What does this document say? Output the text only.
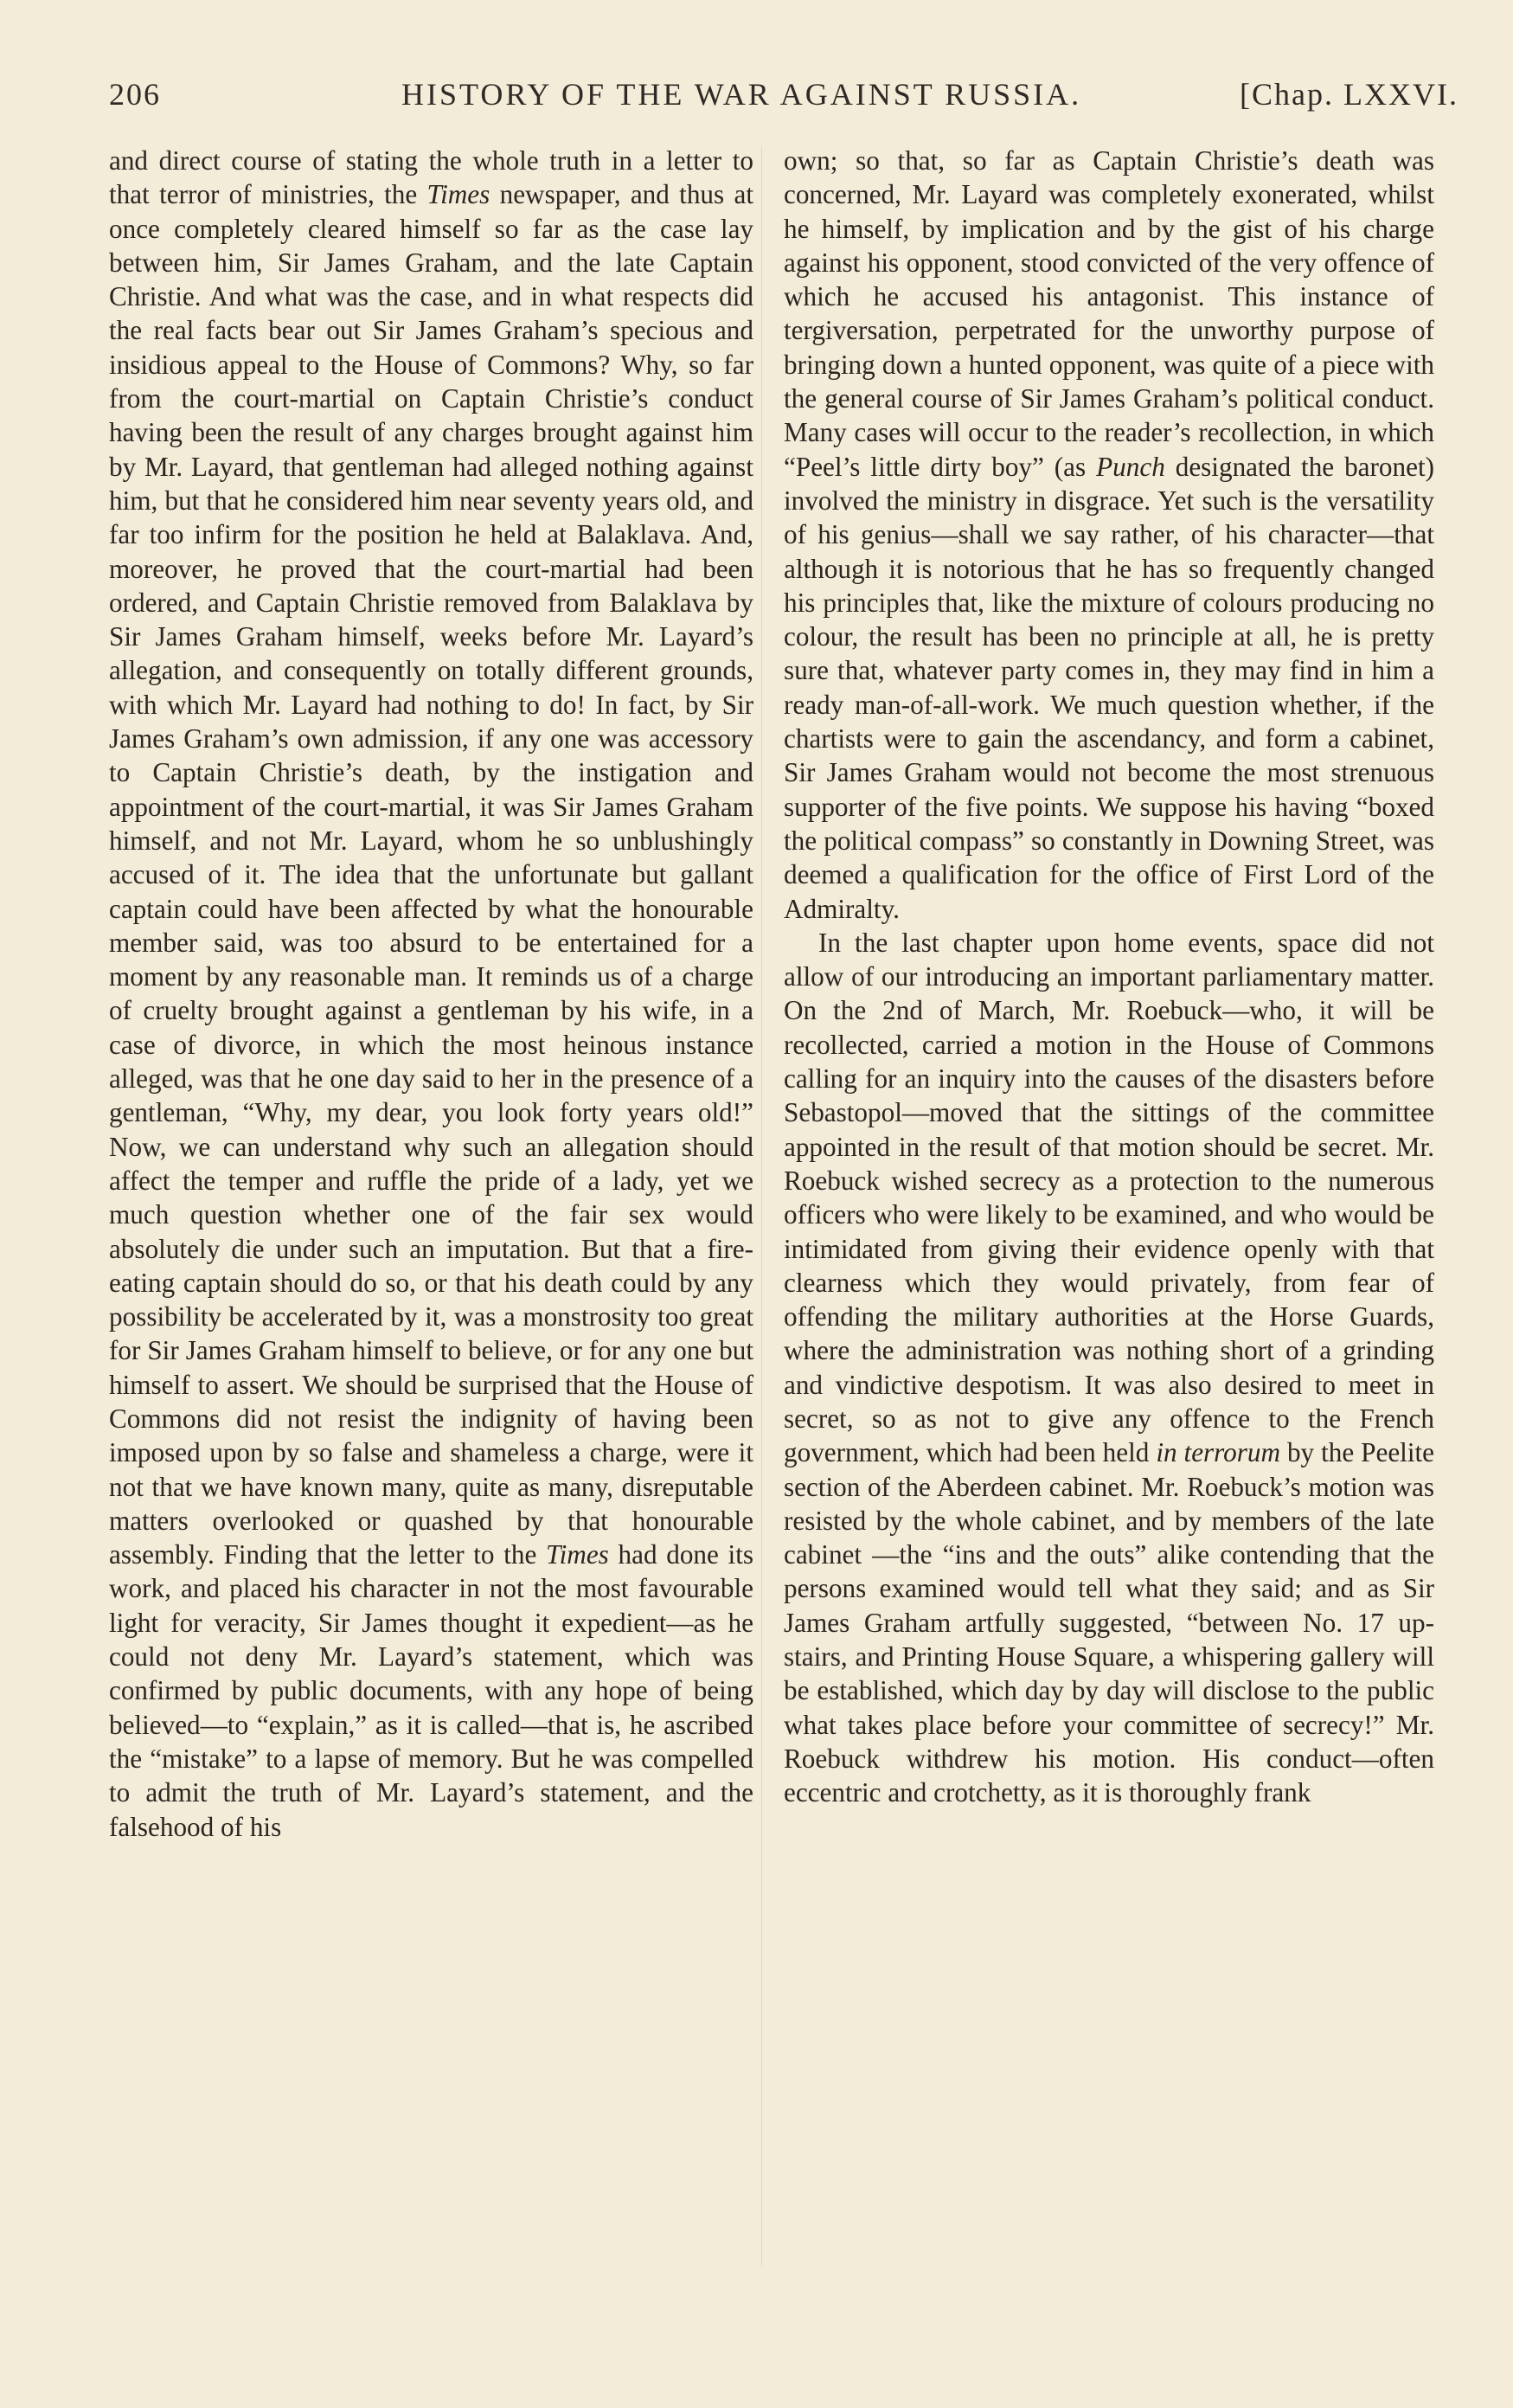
206	HISTORY OF THE WAR AGAINST RUSSIA.	[Chap. LXXVI.

and direct course of stating the whole truth in a letter to that terror of ministries, the Times newspaper, and thus at once completely cleared himself so far as the case lay between him, Sir James Graham, and the late Captain Christie. And what was the case, and in what respects did the real facts bear out Sir James Graham’s specious and insidious appeal to the House of Commons? Why, so far from the court-martial on Captain Christie’s conduct having been the result of any charges brought against him by Mr. Layard, that gentleman had alleged nothing against him, but that he considered him near seventy years old, and far too infirm for the position he held at Balaklava. And, moreover, he proved that the court-martial had been ordered, and Captain Christie removed from Balaklava by Sir James Graham himself, weeks before Mr. Layard’s allegation, and consequently on totally different grounds, with which Mr. Layard had nothing to do! In fact, by Sir James Graham’s own admission, if any one was accessory to Captain Christie’s death, by the instigation and appointment of the court-martial, it was Sir James Graham himself, and not Mr. Layard, whom he so unblushingly accused of it. The idea that the unfortunate but gallant captain could have been affected by what the honourable member said, was too absurd to be entertained for a moment by any reasonable man. It reminds us of a charge of cruelty brought against a gentleman by his wife, in a case of divorce, in which the most heinous instance alleged, was that he one day said to her in the presence of a gentleman, “Why, my dear, you look forty years old!” Now, we can understand why such an allegation should affect the temper and ruffle the pride of a lady, yet we much question whether one of the fair sex would absolutely die under such an imputation. But that a fire-eating captain should do so, or that his death could by any possibility be accelerated by it, was a monstrosity too great for Sir James Graham himself to believe, or for any one but himself to assert. We should be surprised that the House of Commons did not resist the indignity of having been imposed upon by so false and shameless a charge, were it not that we have known many, quite as many, disreputable matters overlooked or quashed by that honourable assembly. Finding that the letter to the Times had done its work, and placed his character in not the most favourable light for veracity, Sir James thought it expedient—as he could not deny Mr. Layard’s statement, which was confirmed by public documents, with any hope of being believed—to “explain,” as it is called—that is, he ascribed the “mistake” to a lapse of memory. But he was compelled to admit the truth of Mr. Layard’s statement, and the falsehood of his

own; so that, so far as Captain Christie’s death was concerned, Mr. Layard was completely exonerated, whilst he himself, by implication and by the gist of his charge against his opponent, stood convicted of the very offence of which he accused his antagonist. This instance of tergiversation, perpetrated for the unworthy purpose of bringing down a hunted opponent, was quite of a piece with the general course of Sir James Graham’s political conduct. Many cases will occur to the reader’s recollection, in which “Peel’s little dirty boy” (as Punch designated the baronet) involved the ministry in disgrace. Yet such is the versatility of his genius—shall we say rather, of his character—that although it is notorious that he has so frequently changed his principles that, like the mixture of colours producing no colour, the result has been no principle at all, he is pretty sure that, whatever party comes in, they may find in him a ready man-of-all-work. We much question whether, if the chartists were to gain the ascendancy, and form a cabinet, Sir James Graham would not become the most strenuous supporter of the five points. We suppose his having “boxed the political compass” so constantly in Downing Street, was deemed a qualification for the office of First Lord of the Admiralty.

In the last chapter upon home events, space did not allow of our introducing an important parliamentary matter. On the 2nd of March, Mr. Roebuck—who, it will be recollected, carried a motion in the House of Commons calling for an inquiry into the causes of the disasters before Sebastopol—moved that the sittings of the committee appointed in the result of that motion should be secret. Mr. Roebuck wished secrecy as a protection to the numerous officers who were likely to be examined, and who would be intimidated from giving their evidence openly with that clearness which they would privately, from fear of offending the military authorities at the Horse Guards, where the administration was nothing short of a grinding and vindictive despotism. It was also desired to meet in secret, so as not to give any offence to the French government, which had been held in terrorum by the Peelite section of the Aberdeen cabinet. Mr. Roebuck’s motion was resisted by the whole cabinet, and by members of the late cabinet —the “ins and the outs” alike contending that the persons examined would tell what they said; and as Sir James Graham artfully suggested, “between No. 17 up-stairs, and Printing House Square, a whispering gallery will be established, which day by day will disclose to the public what takes place before your committee of secrecy!” Mr. Roebuck withdrew his motion. His conduct—often eccentric and crotchetty, as it is thoroughly frank
